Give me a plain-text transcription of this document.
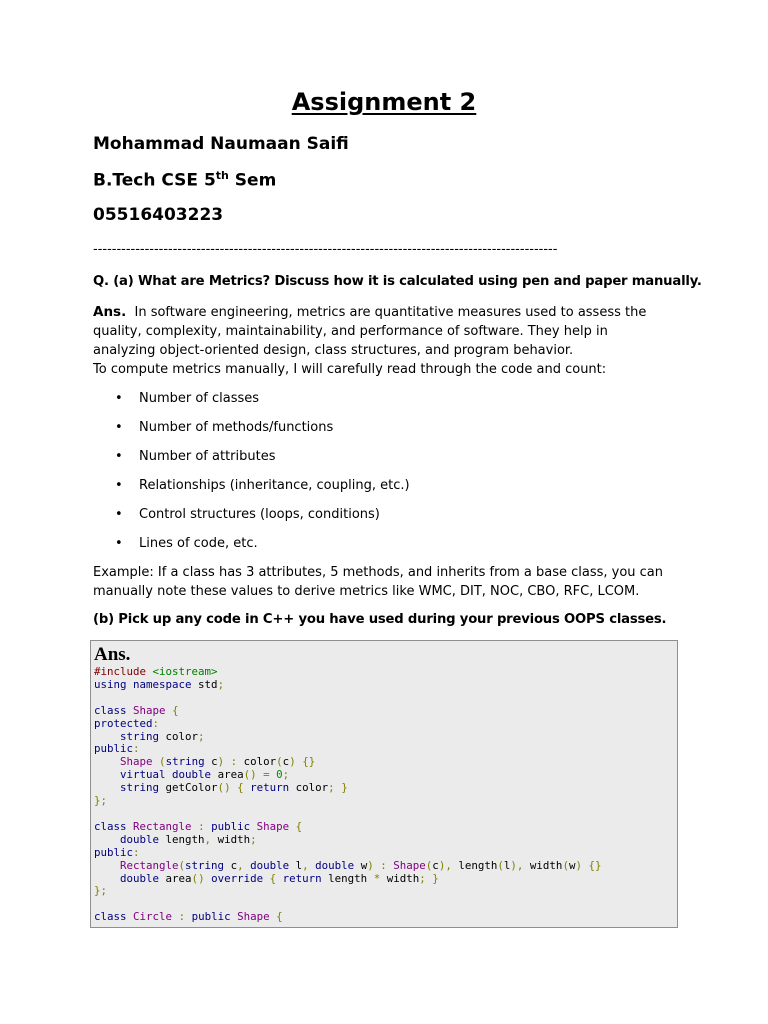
Assignment 2
Mohammad Naumaan Saifi
B.Tech CSE 5th Sem
05516403223
---------------------------------------------------------------------------------------------------
Q. (a) What are Metrics? Discuss how it is calculated using pen and paper manually.
Ans. In software engineering, metrics are quantitative measures used to assess the quality, complexity, maintainability, and performance of software. They help in analyzing object-oriented design, class structures, and program behavior.
To compute metrics manually, I will carefully read through the code and count:
• Number of classes
• Number of methods/functions
• Number of attributes
• Relationships (inheritance, coupling, etc.)
• Control structures (loops, conditions)
• Lines of code, etc.
Example: If a class has 3 attributes, 5 methods, and inherits from a base class, you can manually note these values to derive metrics like WMC, DIT, NOC, CBO, RFC, LCOM.
(b) Pick up any code in C++ you have used during your previous OOPS classes.
Ans.
#include <iostream>
using namespace std;

class Shape {
protected:
string color;
public:
Shape (string c) : color(c) {}
virtual double area() = 0;
string getColor() { return color; }
};

class Rectangle : public Shape {
double length, width;
public:
Rectangle(string c, double l, double w) : Shape(c), length(l), width(w) {}
double area() override { return length * width; }
};

class Circle : public Shape {
